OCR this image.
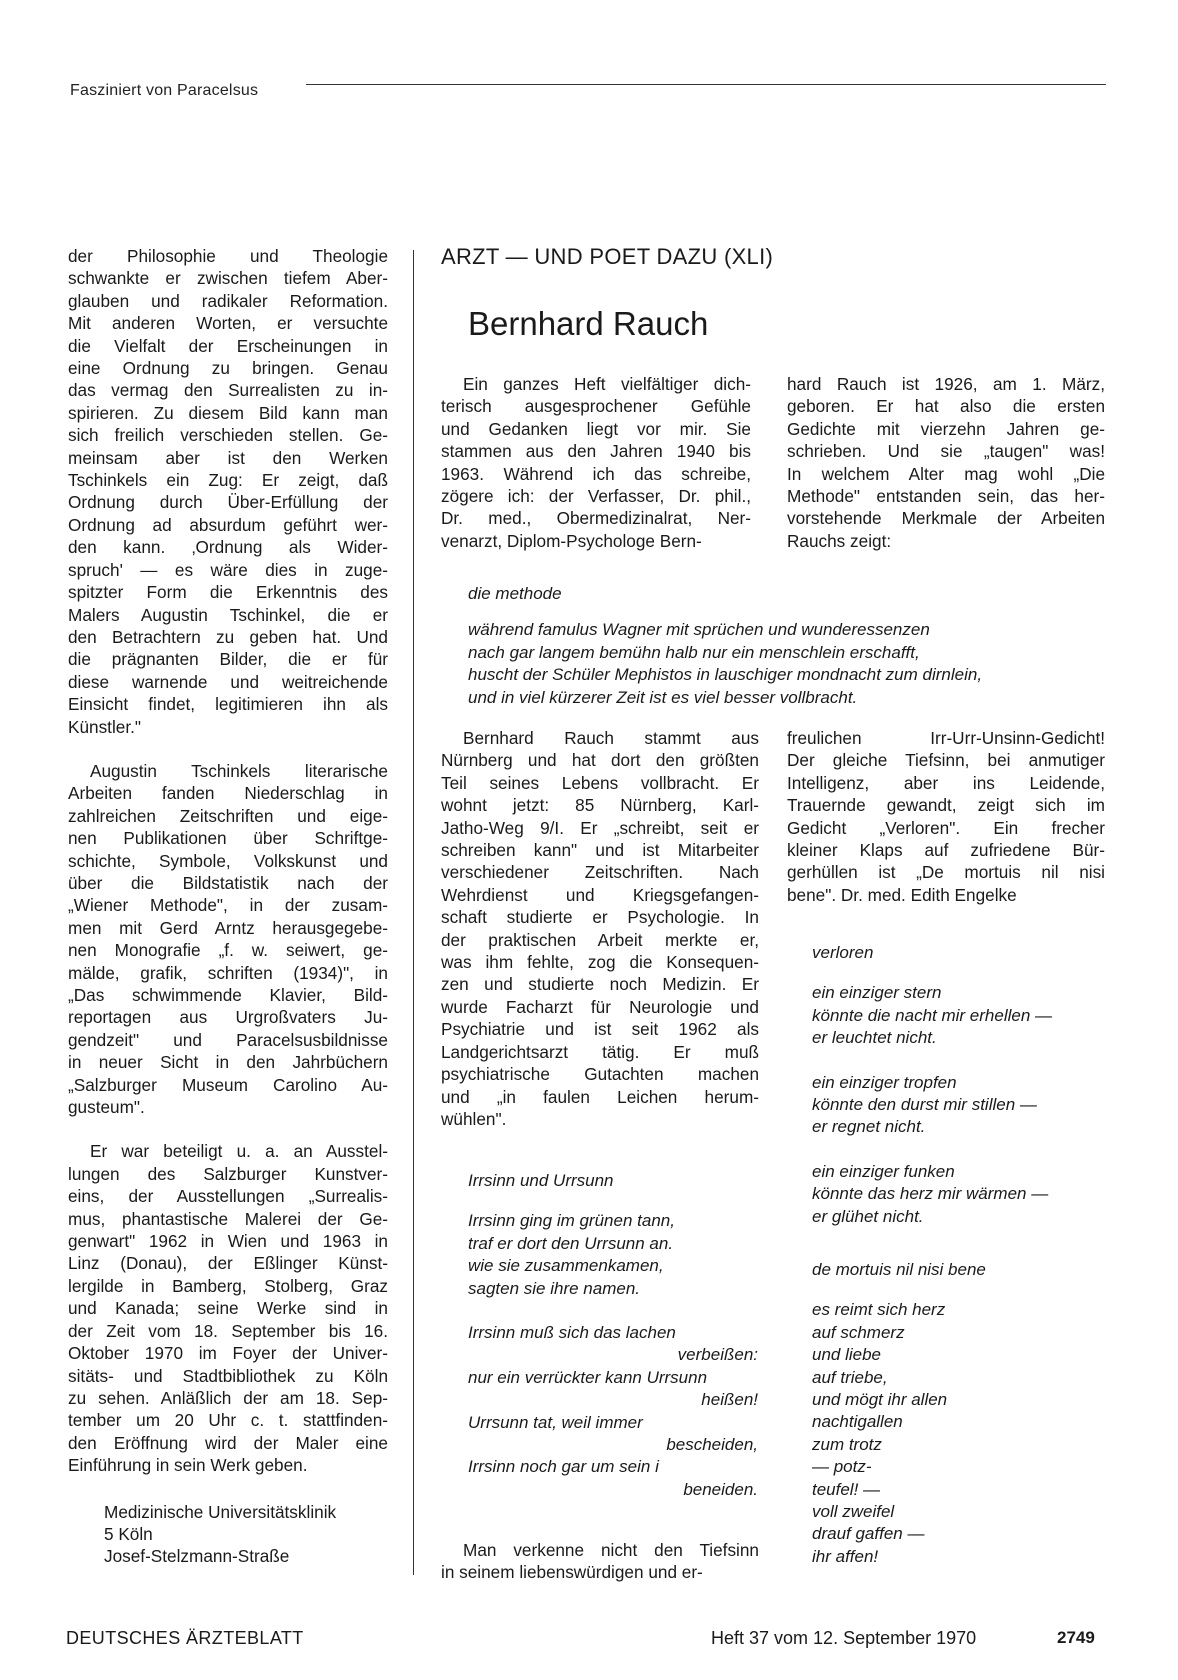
Fasziniert von Paracelsus
der Philosophie und Theologie
schwankte er zwischen tiefem Aber-
glauben und radikaler Reformation.
Mit anderen Worten, er versuchte
die Vielfalt der Erscheinungen in
eine Ordnung zu bringen. Genau
das vermag den Surrealisten zu in-
spirieren. Zu diesem Bild kann man
sich freilich verschieden stellen. Ge-
meinsam aber ist den Werken
Tschinkels ein Zug: Er zeigt, daß
Ordnung durch Über-Erfüllung der
Ordnung ad absurdum geführt wer-
den kann. ‚Ordnung als Wider-
spruch' — es wäre dies in zuge-
spitzter Form die Erkenntnis des
Malers Augustin Tschinkel, die er
den Betrachtern zu geben hat. Und
die prägnanten Bilder, die er für
diese warnende und weitreichende
Einsicht findet, legitimieren ihn als
Künstler."
Augustin Tschinkels literarische
Arbeiten fanden Niederschlag in
zahlreichen Zeitschriften und eige-
nen Publikationen über Schriftge-
schichte, Symbole, Volkskunst und
über die Bildstatistik nach der
„Wiener Methode", in der zusam-
men mit Gerd Arntz herausgegebe-
nen Monografie „f. w. seiwert, ge-
mälde, grafik, schriften (1934)", in
„Das schwimmende Klavier, Bild-
reportagen aus Urgroßvaters Ju-
gendzeit" und Paracelsusbildnisse
in neuer Sicht in den Jahrbüchern
„Salzburger Museum Carolino Au-
gusteum".
Er war beteiligt u. a. an Ausstel-
lungen des Salzburger Kunstver-
eins, der Ausstellungen „Surrealis-
mus, phantastische Malerei der Ge-
genwart" 1962 in Wien und 1963 in
Linz (Donau), der Eßlinger Künst-
lergilde in Bamberg, Stolberg, Graz
und Kanada; seine Werke sind in
der Zeit vom 18. September bis 16.
Oktober 1970 im Foyer der Univer-
sitäts- und Stadtbibliothek zu Köln
zu sehen. Anläßlich der am 18. Sep-
tember um 20 Uhr c. t. stattfinden-
den Eröffnung wird der Maler eine
Einführung in sein Werk geben.
Medizinische Universitätsklinik
5 Köln
Josef-Stelzmann-Straße
ARZT — UND POET DAZU (XLI)
Bernhard Rauch
Ein ganzes Heft vielfältiger dich-
terisch ausgesprochener Gefühle
und Gedanken liegt vor mir. Sie
stammen aus den Jahren 1940 bis
1963. Während ich das schreibe,
zögere ich: der Verfasser, Dr. phil.,
Dr. med., Obermedizinalrat, Ner-
venarzt, Diplom-Psychologe Bern-
hard Rauch ist 1926, am 1. März,
geboren. Er hat also die ersten
Gedichte mit vierzehn Jahren ge-
schrieben. Und sie „taugen" was!
In welchem Alter mag wohl „Die
Methode" entstanden sein, das her-
vorstehende Merkmale der Arbeiten
Rauchs zeigt:
die methode
während famulus Wagner mit sprüchen und wunderessenzen
nach gar langem bemühn halb nur ein menschlein erschafft,
huscht der Schüler Mephistos in lauschiger mondnacht zum dirnlein,
und in viel kürzerer Zeit ist es viel besser vollbracht.
Bernhard Rauch stammt aus
Nürnberg und hat dort den größten
Teil seines Lebens vollbracht. Er
wohnt jetzt: 85 Nürnberg, Karl-
Jatho-Weg 9/I. Er „schreibt, seit er
schreiben kann" und ist Mitarbeiter
verschiedener Zeitschriften. Nach
Wehrdienst und Kriegsgefangen-
schaft studierte er Psychologie. In
der praktischen Arbeit merkte er,
was ihm fehlte, zog die Konsequen-
zen und studierte noch Medizin. Er
wurde Facharzt für Neurologie und
Psychiatrie und ist seit 1962 als
Landgerichtsarzt tätig. Er muß
psychiatrische Gutachten machen
und „in faulen Leichen herum-
wühlen".
freulichen Irr-Urr-Unsinn-Gedicht!
Der gleiche Tiefsinn, bei anmutiger
Intelligenz, aber ins Leidende,
Trauernde gewandt, zeigt sich im
Gedicht „Verloren". Ein frecher
kleiner Klaps auf zufriedene Bür-
gerhüllen ist „De mortuis nil nisi
bene". Dr. med. Edith Engelke
Irrsinn und Urrsunn
Irrsinn ging im grünen tann,
traf er dort den Urrsunn an.
wie sie zusammenkamen,
sagten sie ihre namen.
Irrsinn muß sich das lachen
verbeißen:
nur ein verrückter kann Urrsunn
heißen!
Urrsunn tat, weil immer
bescheiden,
Irrsinn noch gar um sein i
beneiden.
Man verkenne nicht den Tiefsinn
in seinem liebenswürdigen und er-
verloren
ein einziger stern
könnte die nacht mir erhellen —
er leuchtet nicht.
ein einziger tropfen
könnte den durst mir stillen —
er regnet nicht.
ein einziger funken
könnte das herz mir wärmen —
er glühet nicht.
de mortuis nil nisi bene
es reimt sich herz
auf schmerz
und liebe
auf triebe,
und mögt ihr allen
nachtigallen
zum trotz
— potz-
teufel! —
voll zweifel
drauf gaffen —
ihr affen!
DEUTSCHES ÄRZTEBLATT	Heft 37 vom 12. September 1970	2749
